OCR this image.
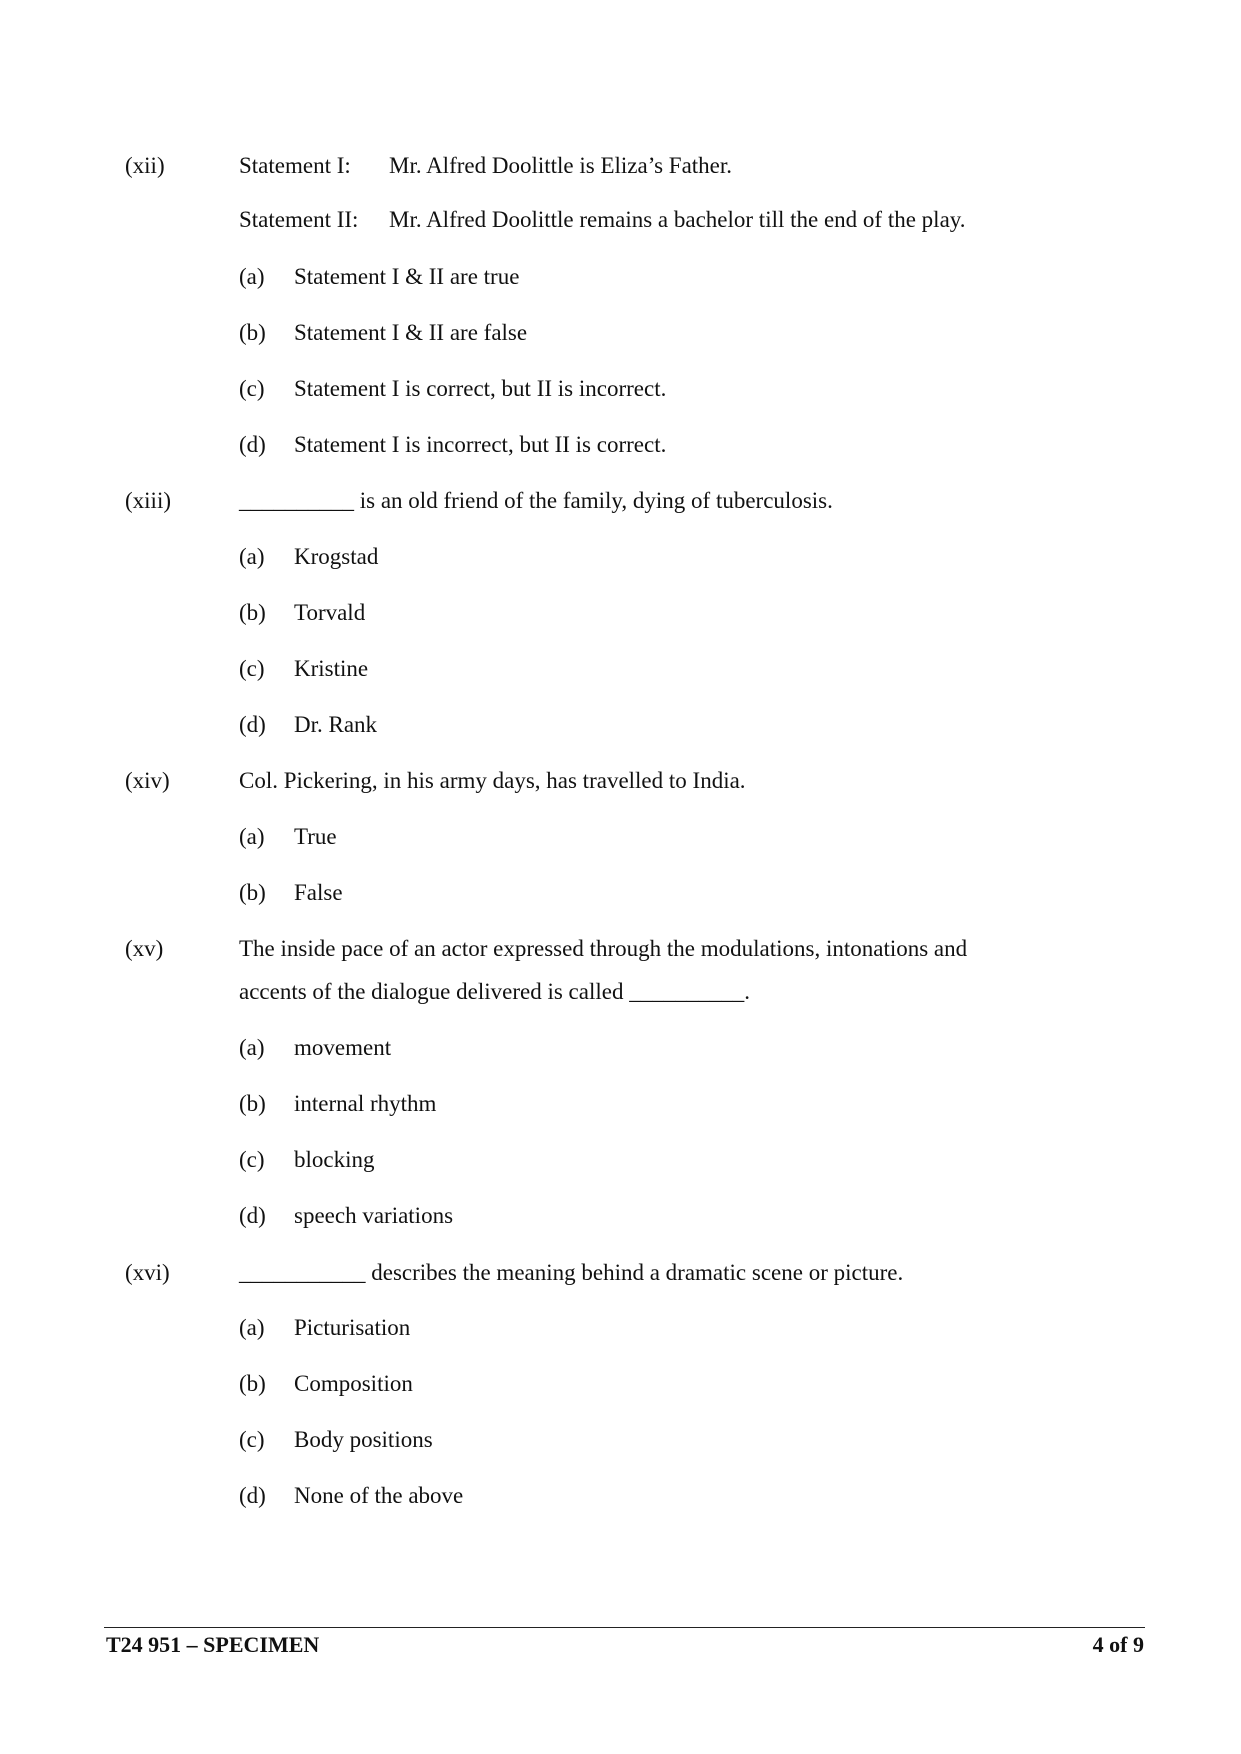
(xii)	Statement I: Mr. Alfred Doolittle is Eliza’s Father.
Statement II: Mr. Alfred Doolittle remains a bachelor till the end of the play.
(a) Statement I & II are true
(b) Statement I & II are false
(c) Statement I is correct, but II is incorrect.
(d) Statement I is incorrect, but II is correct.
(xiii)	__________ is an old friend of the family, dying of tuberculosis.
(a) Krogstad
(b) Torvald
(c) Kristine
(d) Dr. Rank
(xiv)	Col. Pickering, in his army days, has travelled to India.
(a) True
(b) False
(xv)	The inside pace of an actor expressed through the modulations, intonations and
accents of the dialogue delivered is called __________.
(a) movement
(b) internal rhythm
(c) blocking
(d) speech variations
(xvi)	___________ describes the meaning behind a dramatic scene or picture.
(a) Picturisation
(b) Composition
(c) Body positions
(d) None of the above
T24 951 – SPECIMEN	4 of 9
